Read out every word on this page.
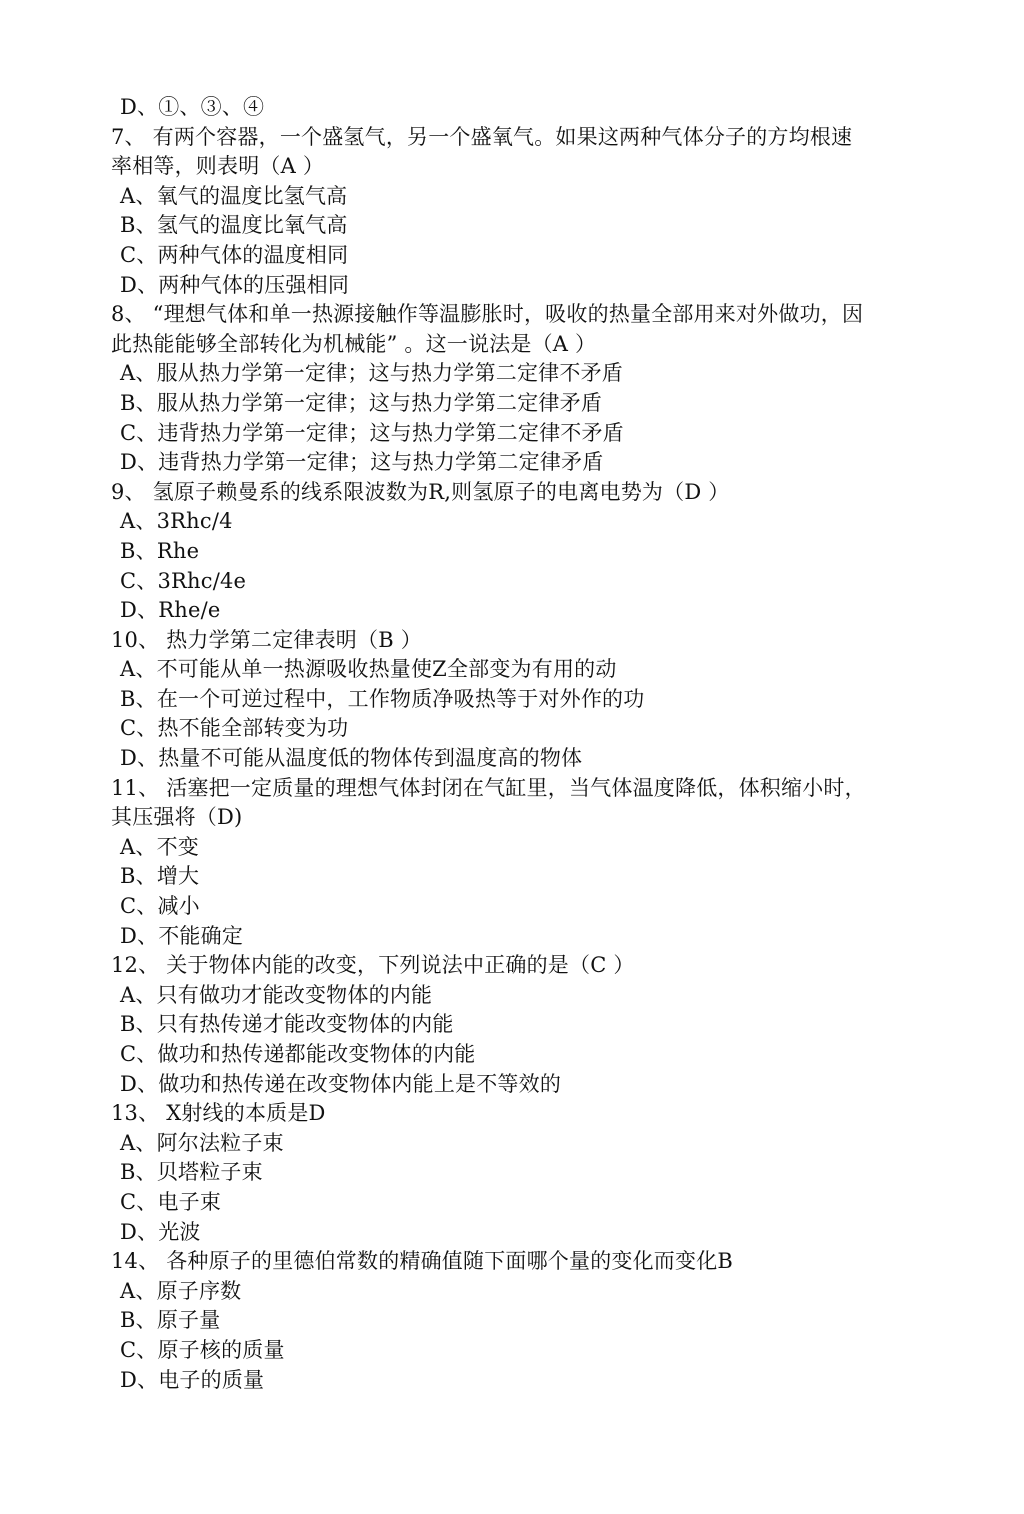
D、①、③、④
7、 有两个容器，一个盛氢气，另一个盛氧气。如果这两种气体分子的方均根速
率相等，则表明（A ）
A、氧气的温度比氢气高
B、氢气的温度比氧气高
C、两种气体的温度相同
D、两种气体的压强相同
8、 “理想气体和单一热源接触作等温膨胀时，吸收的热量全部用来对外做功，因
此热能能够全部转化为机械能” 。这一说法是（A ）
A、服从热力学第一定律；这与热力学第二定律不矛盾
B、服从热力学第一定律；这与热力学第二定律矛盾
C、违背热力学第一定律；这与热力学第二定律不矛盾
D、违背热力学第一定律；这与热力学第二定律矛盾
9、 氢原子赖曼系的线系限波数为R,则氢原子的电离电势为（D ）
A、3Rhc/4
B、Rhe
C、3Rhc/4e
D、Rhe/e
10、 热力学第二定律表明（B ）
A、不可能从单一热源吸收热量使Z全部变为有用的动
B、在一个可逆过程中，工作物质净吸热等于对外作的功
C、热不能全部转变为功
D、热量不可能从温度低的物体传到温度高的物体
11、 活塞把一定质量的理想气体封闭在气缸里，当气体温度降低，体积缩小时，
其压强将（D)
A、不变
B、增大
C、减小
D、不能确定
12、 关于物体内能的改变，下列说法中正确的是（C ）
A、只有做功才能改变物体的内能
B、只有热传递才能改变物体的内能
C、做功和热传递都能改变物体的内能
D、做功和热传递在改变物体内能上是不等效的
13、 X射线的本质是D
A、阿尔法粒子束
B、贝塔粒子束
C、电子束
D、光波
14、 各种原子的里德伯常数的精确值随下面哪个量的变化而变化B
A、原子序数
B、原子量
C、原子核的质量
D、电子的质量
